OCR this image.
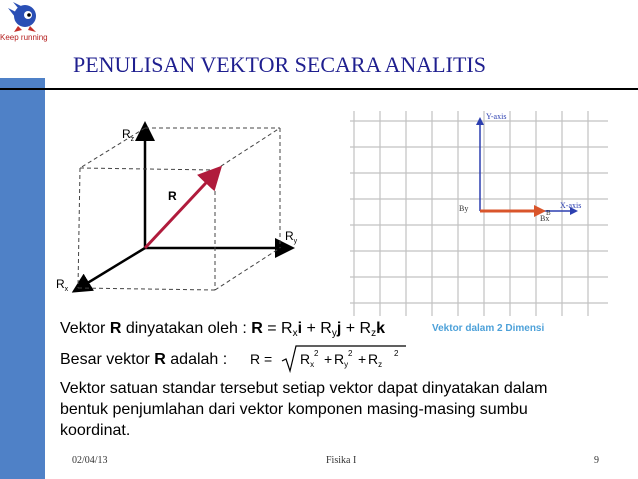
Keep running
PENULISAN VEKTOR SECARA ANALITIS
$R_z$
R
$R_y$
$R_x$
Y-axis
X-axis
By
Bx
B
Vektor dalam 2 Dimensi
Vektor R dinyatakan oleh : $R = R_xi + R_yj + R_zk$
Besar vektor R adalah : $R = R_x$
$2 + R_y$
$2 + R_z$
2
Vektor satuan standar tersebut setiap vektor dapat dinyatakan dalam bentuk penjumlahan dari vektor komponen masing-masing sumbu koordinat.
02/04/13	Fisika I	9
